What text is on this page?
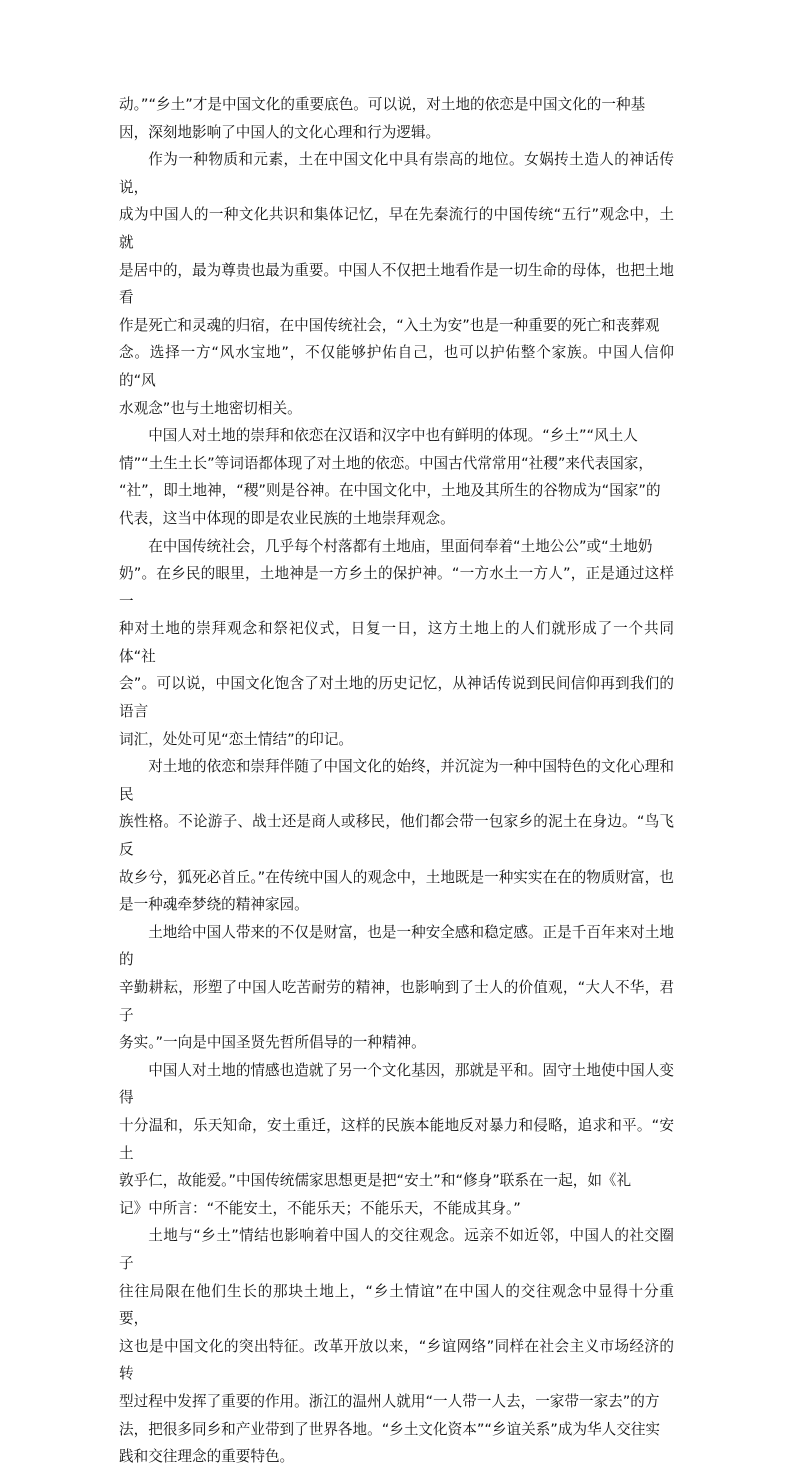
动。”“乡土”才是中国文化的重要底色。可以说，对土地的依恋是中国文化的一种基
因，深刻地影响了中国人的文化心理和行为逻辑。

作为一种物质和元素，土在中国文化中具有崇高的地位。女娲抟土造人的神话传说，
成为中国人的一种文化共识和集体记忆，早在先秦流行的中国传统“五行”观念中，土就
是居中的，最为尊贵也最为重要。中国人不仅把土地看作是一切生命的母体，也把土地看
作是死亡和灵魂的归宿，在中国传统社会，“入土为安”也是一种重要的死亡和丧葬观
念。选择一方“风水宝地”，不仅能够护佑自己，也可以护佑整个家族。中国人信仰的“风
水观念”也与土地密切相关。

中国人对土地的崇拜和依恋在汉语和汉字中也有鲜明的体现。“乡土”“风土人
情”“土生土长”等词语都体现了对土地的依恋。中国古代常常用“社稷”来代表国家，
“社”，即土地神，“稷”则是谷神。在中国文化中，土地及其所生的谷物成为“国家”的
代表，这当中体现的即是农业民族的土地崇拜观念。

在中国传统社会，几乎每个村落都有土地庙，里面伺奉着“土地公公”或“土地奶
奶”。在乡民的眼里，土地神是一方乡土的保护神。“一方水土一方人”，正是通过这样一
种对土地的崇拜观念和祭祀仪式，日复一日，这方土地上的人们就形成了一个共同体“社
会”。可以说，中国文化饱含了对土地的历史记忆，从神话传说到民间信仰再到我们的语言
词汇，处处可见“恋土情结”的印记。

对土地的依恋和崇拜伴随了中国文化的始终，并沉淀为一种中国特色的文化心理和民
族性格。不论游子、战士还是商人或移民，他们都会带一包家乡的泥土在身边。“鸟飞反
故乡兮，狐死必首丘。”在传统中国人的观念中，土地既是一种实实在在的物质财富，也
是一种魂牵梦绕的精神家园。

土地给中国人带来的不仅是财富，也是一种安全感和稳定感。正是千百年来对土地的
辛勤耕耘，形塑了中国人吃苦耐劳的精神，也影响到了士人的价值观，“大人不华，君子
务实。”一向是中国圣贤先哲所倡导的一种精神。

中国人对土地的情感也造就了另一个文化基因，那就是平和。固守土地使中国人变得
十分温和，乐天知命，安土重迁，这样的民族本能地反对暴力和侵略，追求和平。“安土
敦乎仁，故能爱。”中国传统儒家思想更是把“安土”和“修身”联系在一起，如《礼
记》中所言：“不能安土，不能乐天；不能乐天，不能成其身。”

土地与“乡土”情结也影响着中国人的交往观念。远亲不如近邻，中国人的社交圈子
往往局限在他们生长的那块土地上，“乡土情谊”在中国人的交往观念中显得十分重要，
这也是中国文化的突出特征。改革开放以来，“乡谊网络”同样在社会主义市场经济的转
型过程中发挥了重要的作用。浙江的温州人就用“一人带一人去，一家带一家去”的方
法，把很多同乡和产业带到了世界各地。“乡土文化资本”“乡谊关系”成为华人交往实
践和交往理念的重要特色。
